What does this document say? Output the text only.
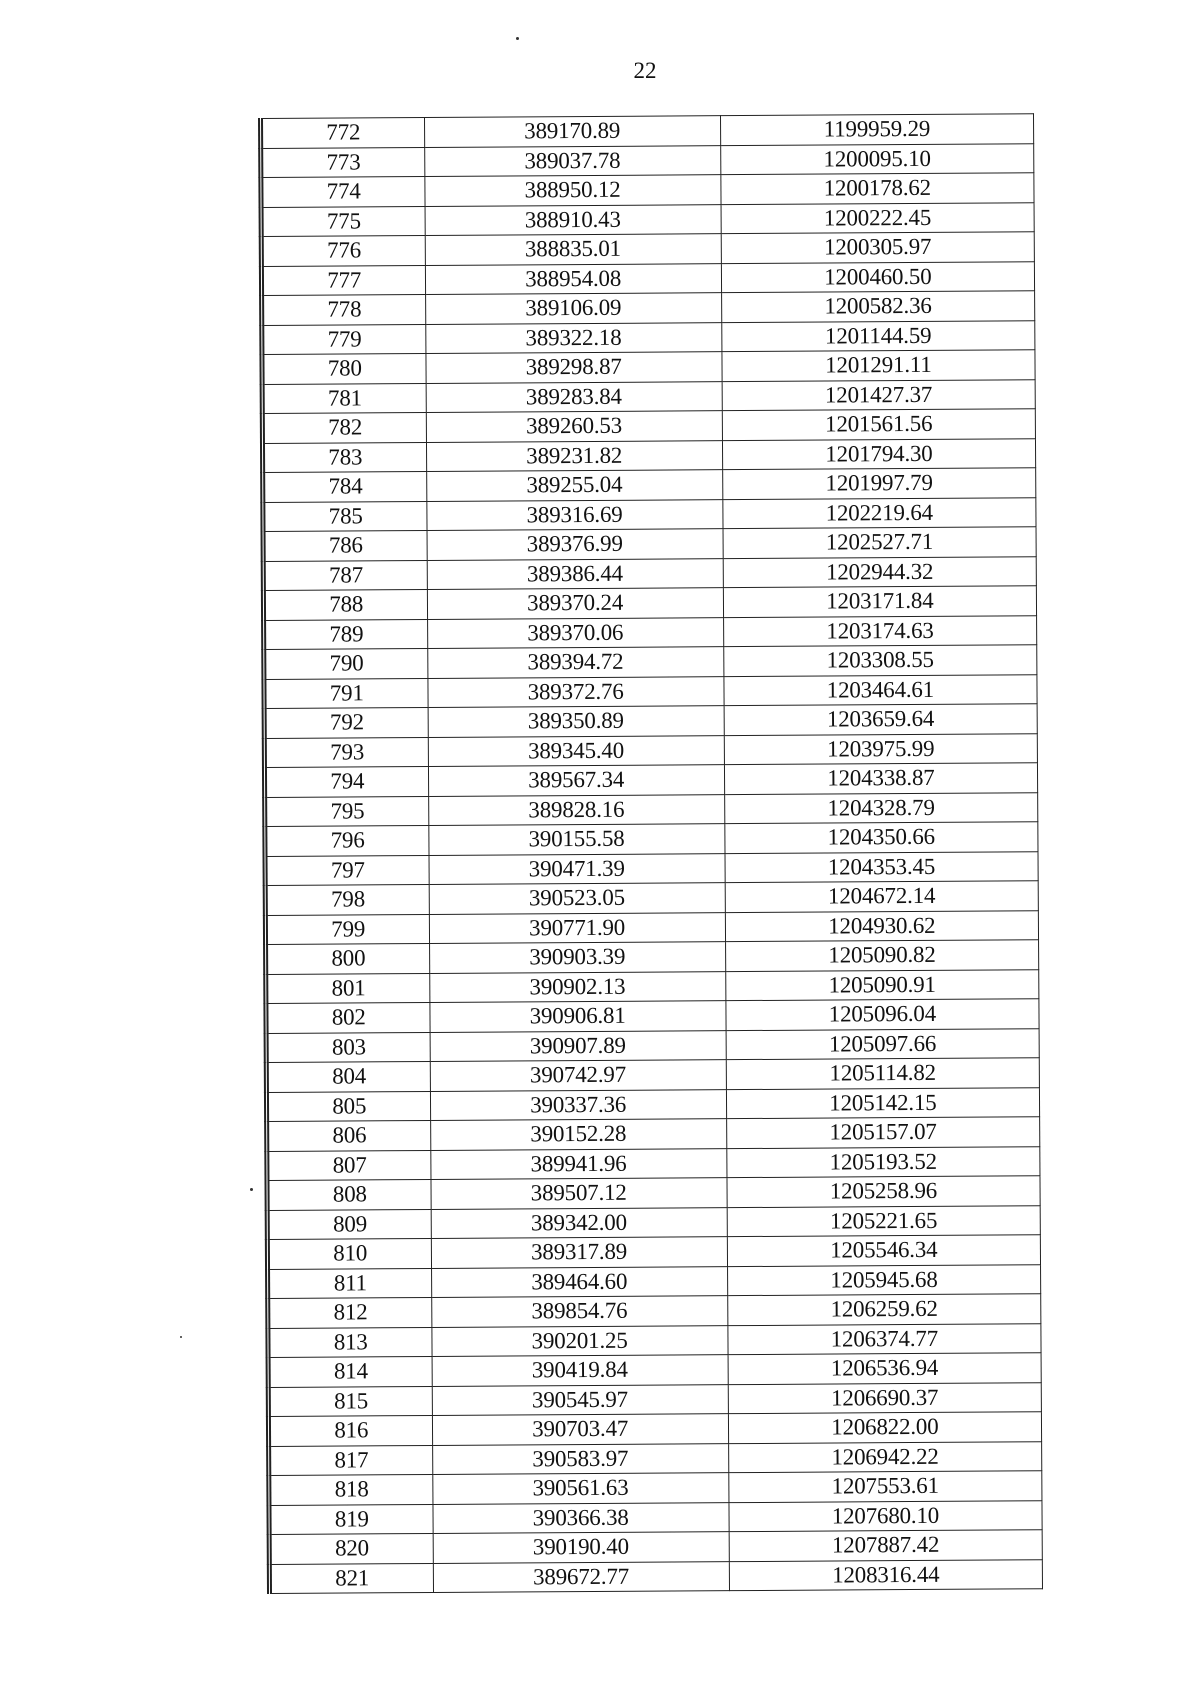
22
772	389170.89	1199959.29
773	389037.78	1200095.10
774	388950.12	1200178.62
775	388910.43	1200222.45
776	388835.01	1200305.97
777	388954.08	1200460.50
778	389106.09	1200582.36
779	389322.18	1201144.59
780	389298.87	1201291.11
781	389283.84	1201427.37
782	389260.53	1201561.56
783	389231.82	1201794.30
784	389255.04	1201997.79
785	389316.69	1202219.64
786	389376.99	1202527.71
787	389386.44	1202944.32
788	389370.24	1203171.84
789	389370.06	1203174.63
790	389394.72	1203308.55
791	389372.76	1203464.61
792	389350.89	1203659.64
793	389345.40	1203975.99
794	389567.34	1204338.87
795	389828.16	1204328.79
796	390155.58	1204350.66
797	390471.39	1204353.45
798	390523.05	1204672.14
799	390771.90	1204930.62
800	390903.39	1205090.82
801	390902.13	1205090.91
802	390906.81	1205096.04
803	390907.89	1205097.66
804	390742.97	1205114.82
805	390337.36	1205142.15
806	390152.28	1205157.07
807	389941.96	1205193.52
808	389507.12	1205258.96
809	389342.00	1205221.65
810	389317.89	1205546.34
811	389464.60	1205945.68
812	389854.76	1206259.62
813	390201.25	1206374.77
814	390419.84	1206536.94
815	390545.97	1206690.37
816	390703.47	1206822.00
817	390583.97	1206942.22
818	390561.63	1207553.61
819	390366.38	1207680.10
820	390190.40	1207887.42
821	389672.77	1208316.44
